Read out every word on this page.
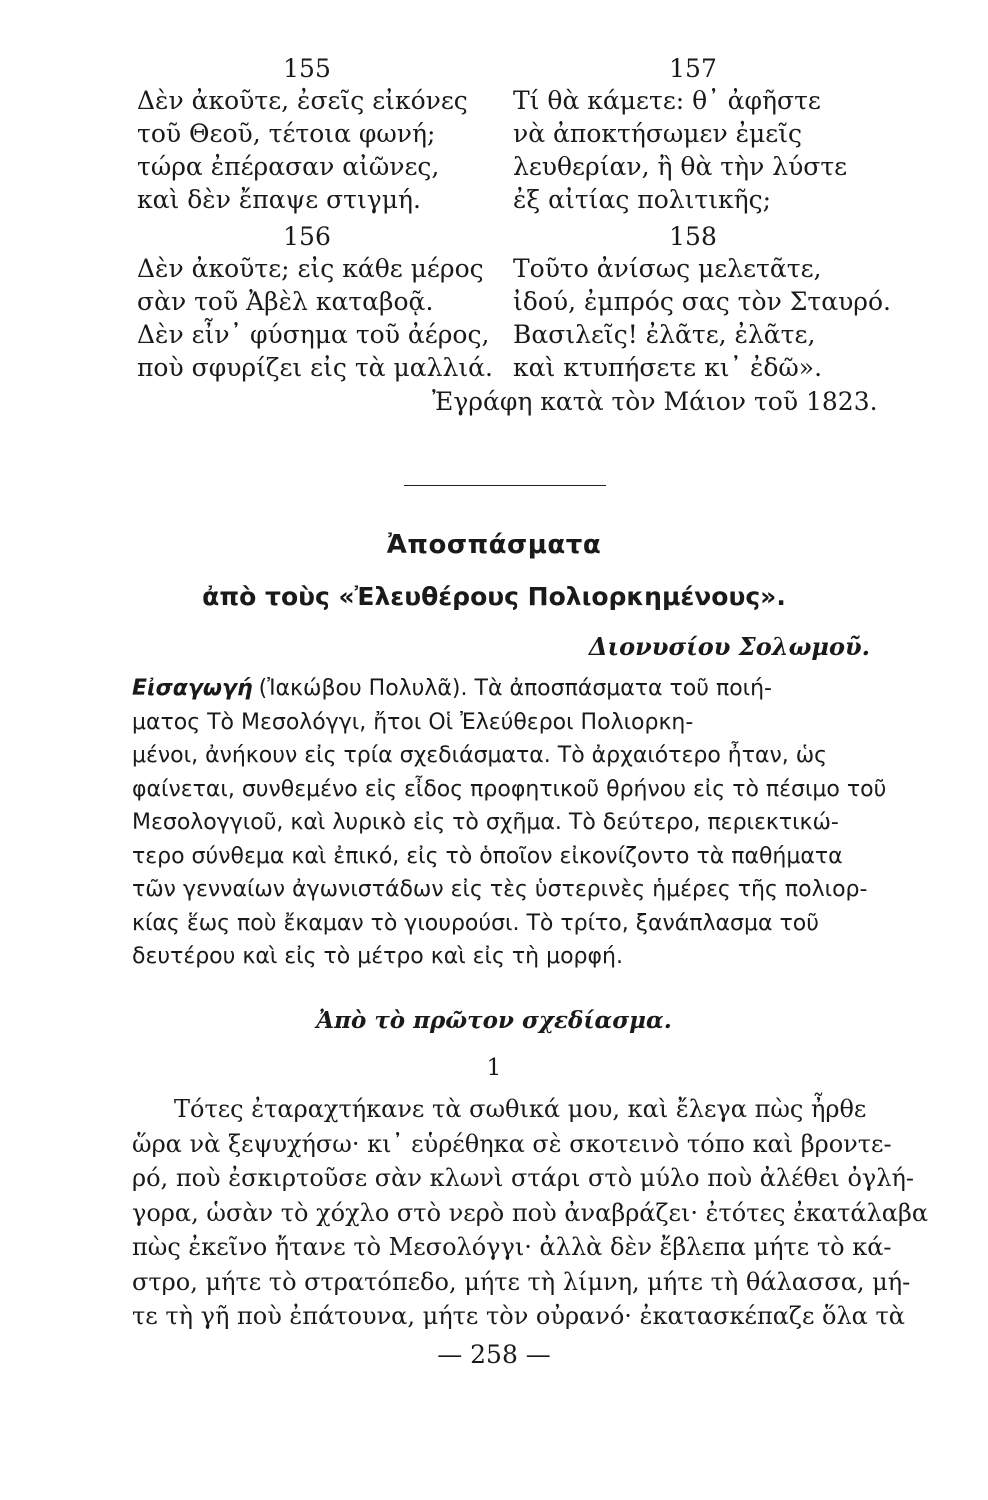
155
Δὲν ἀκοῦτε, ἐσεῖς εἰκόνες
τοῦ Θεοῦ, τέτοια φωνή;
τώρα ἐπέρασαν αἰῶνες,
καὶ δὲν ἔπαψε στιγμή.
156
Δὲν ἀκοῦτε; εἰς κάθε μέρος
σὰν τοῦ Ἀβὲλ καταβοᾷ.
Δὲν εἶν᾽ φύσημα τοῦ ἀέρος,
ποὺ σφυρίζει εἰς τὰ μαλλιά.
157
Τί θὰ κάμετε: θ᾽ ἀφῆστε
νὰ ἀποκτήσωμεν ἐμεῖς
λευθερίαν, ἢ θὰ τὴν λύστε
ἐξ αἰτίας πολιτικῆς;
158
Τοῦτο ἀνίσως μελετᾶτε,
ἰδού, ἐμπρός σας τὸν Σταυρό.
Βασιλεῖς! ἐλᾶτε, ἐλᾶτε,
καὶ κτυπήσετε κι᾽ ἐδῶ».
Ἐγράφη κατὰ τὸν Μάιον τοῦ 1823.
Ἀποσπάσματα
ἀπὸ τοὺς «Ἐλευθέρους Πολιορκημένους».
Διονυσίου Σολωμοῦ.
Εἰσαγωγή (Ἰακώβου Πολυλᾶ). Τὰ ἀποσπάσματα τοῦ ποιή-
ματος Τὸ Μεσολόγγι, ἤτοι Οἱ Ἐλεύθεροι Πολιορκη-
μένοι, ἀνήκουν εἰς τρία σχεδιάσματα. Τὸ ἀρχαιότερο ἦταν, ὡς
φαίνεται, συνθεμένο εἰς εἶδος προφητικοῦ θρήνου εἰς τὸ πέσιμο τοῦ
Μεσολογγιοῦ, καὶ λυρικὸ εἰς τὸ σχῆμα. Τὸ δεύτερο, περιεκτικώ-
τερο σύνθεμα καὶ ἐπικό, εἰς τὸ ὁποῖον εἰκονίζοντο τὰ παθήματα
τῶν γενναίων ἀγωνιστάδων εἰς τὲς ὑστερινὲς ἡμέρες τῆς πολιορ-
κίας ἕως ποὺ ἔκαμαν τὸ γιουρούσι. Τὸ τρίτο, ξανάπλασμα τοῦ
δευτέρου καὶ εἰς τὸ μέτρο καὶ εἰς τὴ μορφή.
Ἀπὸ τὸ πρῶτον σχεδίασμα.
1
Τότες ἐταραχτήκανε τὰ σωθικά μου, καὶ ἔλεγα πὼς ἦρθε
ὥρα νὰ ξεψυχήσω· κι᾽ εὑρέθηκα σὲ σκοτεινὸ τόπο καὶ βροντε-
ρό, ποὺ ἐσκιρτοῦσε σὰν κλωνὶ στάρι στὸ μύλο ποὺ ἀλέθει ὀγλή-
γορα, ὡσὰν τὸ χόχλο στὸ νερὸ ποὺ ἀναβράζει· ἐτότες ἐκατάλαβα
πὼς ἐκεῖνο ἤτανε τὸ Μεσολόγγι· ἀλλὰ δὲν ἔβλεπα μήτε τὸ κά-
στρο, μήτε τὸ στρατόπεδο, μήτε τὴ λίμνη, μήτε τὴ θάλασσα, μή-
τε τὴ γῆ ποὺ ἐπάτουνα, μήτε τὸν οὐρανό· ἐκατασκέπαζε ὅλα τὰ
— 258 —
